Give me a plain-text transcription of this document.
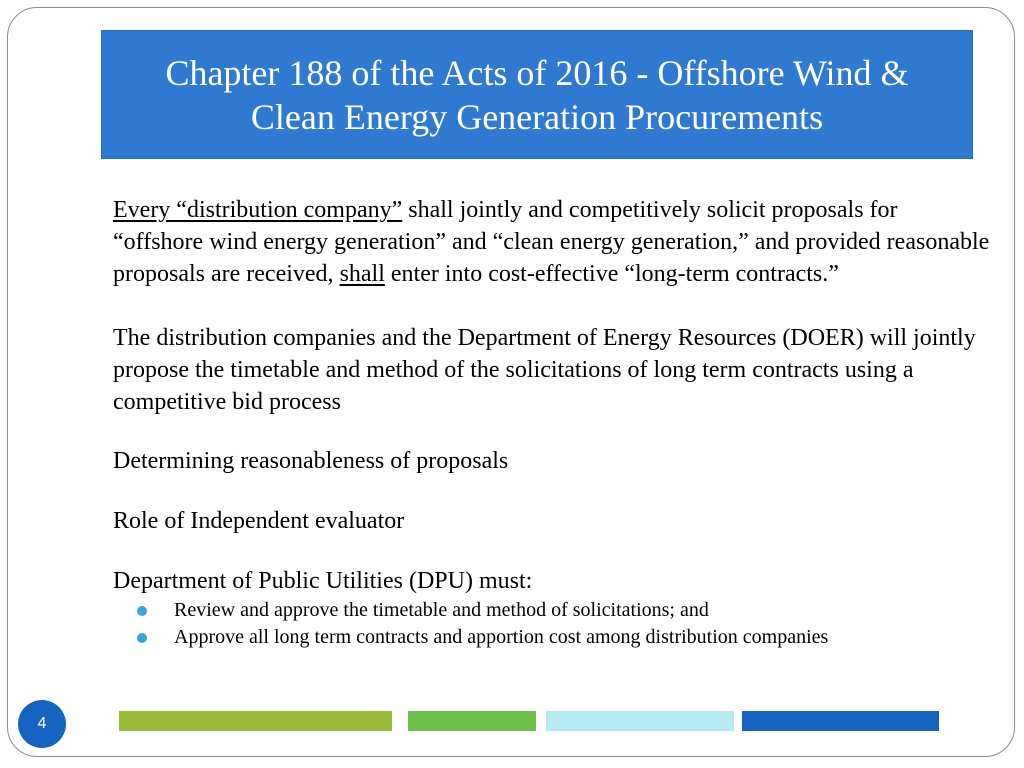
Chapter 188 of the Acts of 2016 - Offshore Wind &
Clean Energy Generation Procurements

Every “distribution company” shall jointly and competitively solicit proposals for “offshore wind energy generation” and “clean energy generation,” and provided reasonable proposals are received, shall enter into cost-effective “long-term contracts.”

The distribution companies and the Department of Energy Resources (DOER) will jointly propose the timetable and method of the solicitations of long term contracts using a competitive bid process

Determining reasonableness of proposals

Role of Independent evaluator

Department of Public Utilities (DPU) must:

Review and approve the timetable and method of solicitations; and
Approve all long term contracts and apportion cost among distribution companies
4
